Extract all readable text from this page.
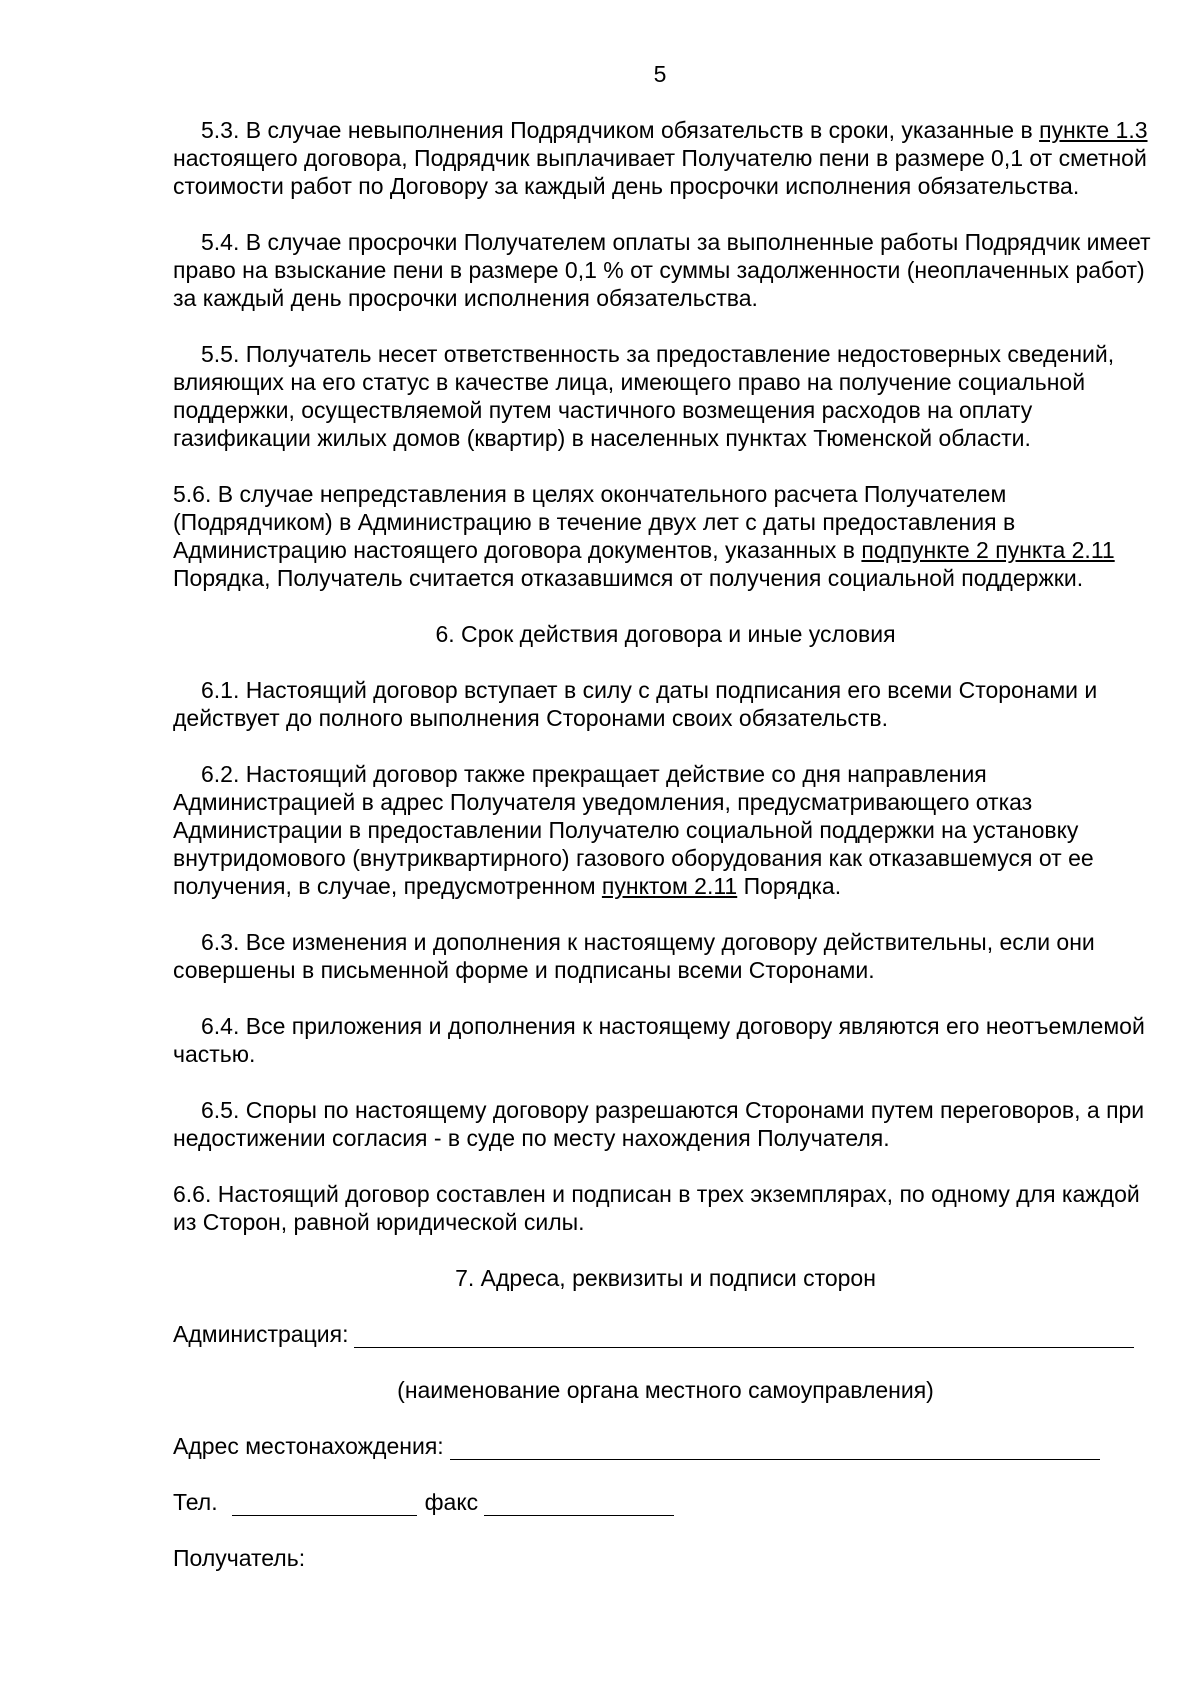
5

5.3. В случае невыполнения Подрядчиком обязательств в сроки, указанные в пункте 1.3 настоящего договора, Подрядчик выплачивает Получателю пени в размере 0,1 от сметной стоимости работ по Договору за каждый день просрочки исполнения обязательства.

5.4. В случае просрочки Получателем оплаты за выполненные работы Подрядчик имеет право на взыскание пени в размере 0,1 % от суммы задолженности (неоплаченных работ) за каждый день просрочки исполнения обязательства.

5.5. Получатель несет ответственность за предоставление недостоверных сведений, влияющих на его статус в качестве лица, имеющего право на получение социальной поддержки, осуществляемой путем частичного возмещения расходов на оплату газификации жилых домов (квартир) в населенных пунктах Тюменской области.

5.6. В случае непредставления в целях окончательного расчета Получателем (Подрядчиком) в Администрацию в течение двух лет с даты предоставления в Администрацию настоящего договора документов, указанных в подпункте 2 пункта 2.11 Порядка, Получатель считается отказавшимся от получения социальной поддержки.

6. Срок действия договора и иные условия

6.1. Настоящий договор вступает в силу с даты подписания его всеми Сторонами и действует до полного выполнения Сторонами своих обязательств.

6.2. Настоящий договор также прекращает действие со дня направления Администрацией в адрес Получателя уведомления, предусматривающего отказ Администрации в предоставлении Получателю социальной поддержки на установку внутридомового (внутриквартирного) газового оборудования как отказавшемуся от ее получения, в случае, предусмотренном пунктом 2.11 Порядка.

6.3. Все изменения и дополнения к настоящему договору действительны, если они совершены в письменной форме и подписаны всеми Сторонами.

6.4. Все приложения и дополнения к настоящему договору являются его неотъемлемой частью.

6.5. Споры по настоящему договору разрешаются Сторонами путем переговоров, а при недостижении согласия - в суде по месту нахождения Получателя.

6.6. Настоящий договор составлен и подписан в трех экземплярах, по одному для каждой из Сторон, равной юридической силы.

7. Адреса, реквизиты и подписи сторон
Администрация:
(наименование органа местного самоуправления)
Адрес местонахождения:
Тел.	факс
Получатель:
